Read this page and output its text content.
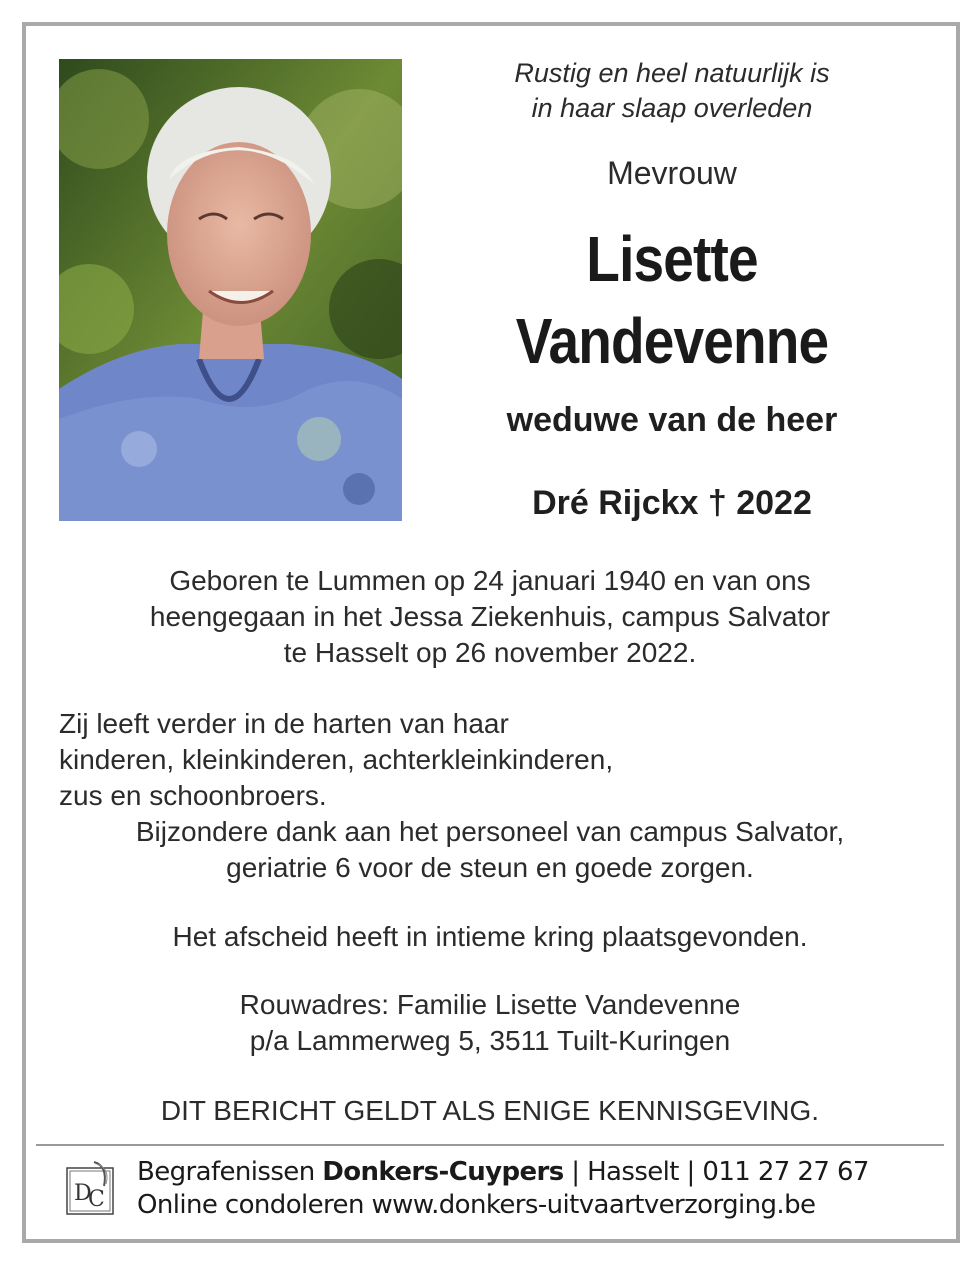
Rustig en heel natuurlijk is
in haar slaap overleden
Mevrouw
Lisette
Vandevenne
weduwe van de heer
Dré Rijckx † 2022
Geboren te Lummen op 24 januari 1940 en van ons
heengegaan in het Jessa Ziekenhuis, campus Salvator
te Hasselt op 26 november 2022.
Zij leeft verder in de harten van haar
kinderen, kleinkinderen, achterkleinkinderen,
zus en schoonbroers.
Bijzondere dank aan het personeel van campus Salvator,
geriatrie 6 voor de steun en goede zorgen.
Het afscheid heeft in intieme kring plaatsgevonden.
Rouwadres: Familie Lisette Vandevenne
p/a Lammerweg 5, 3511 Tuilt-Kuringen
DIT BERICHT GELDT ALS ENIGE KENNISGEVING.
D
C
Begrafenissen Donkers-Cuypers | Hasselt | 011 27 27 67
Online condoleren www.donkers-uitvaartverzorging.be
